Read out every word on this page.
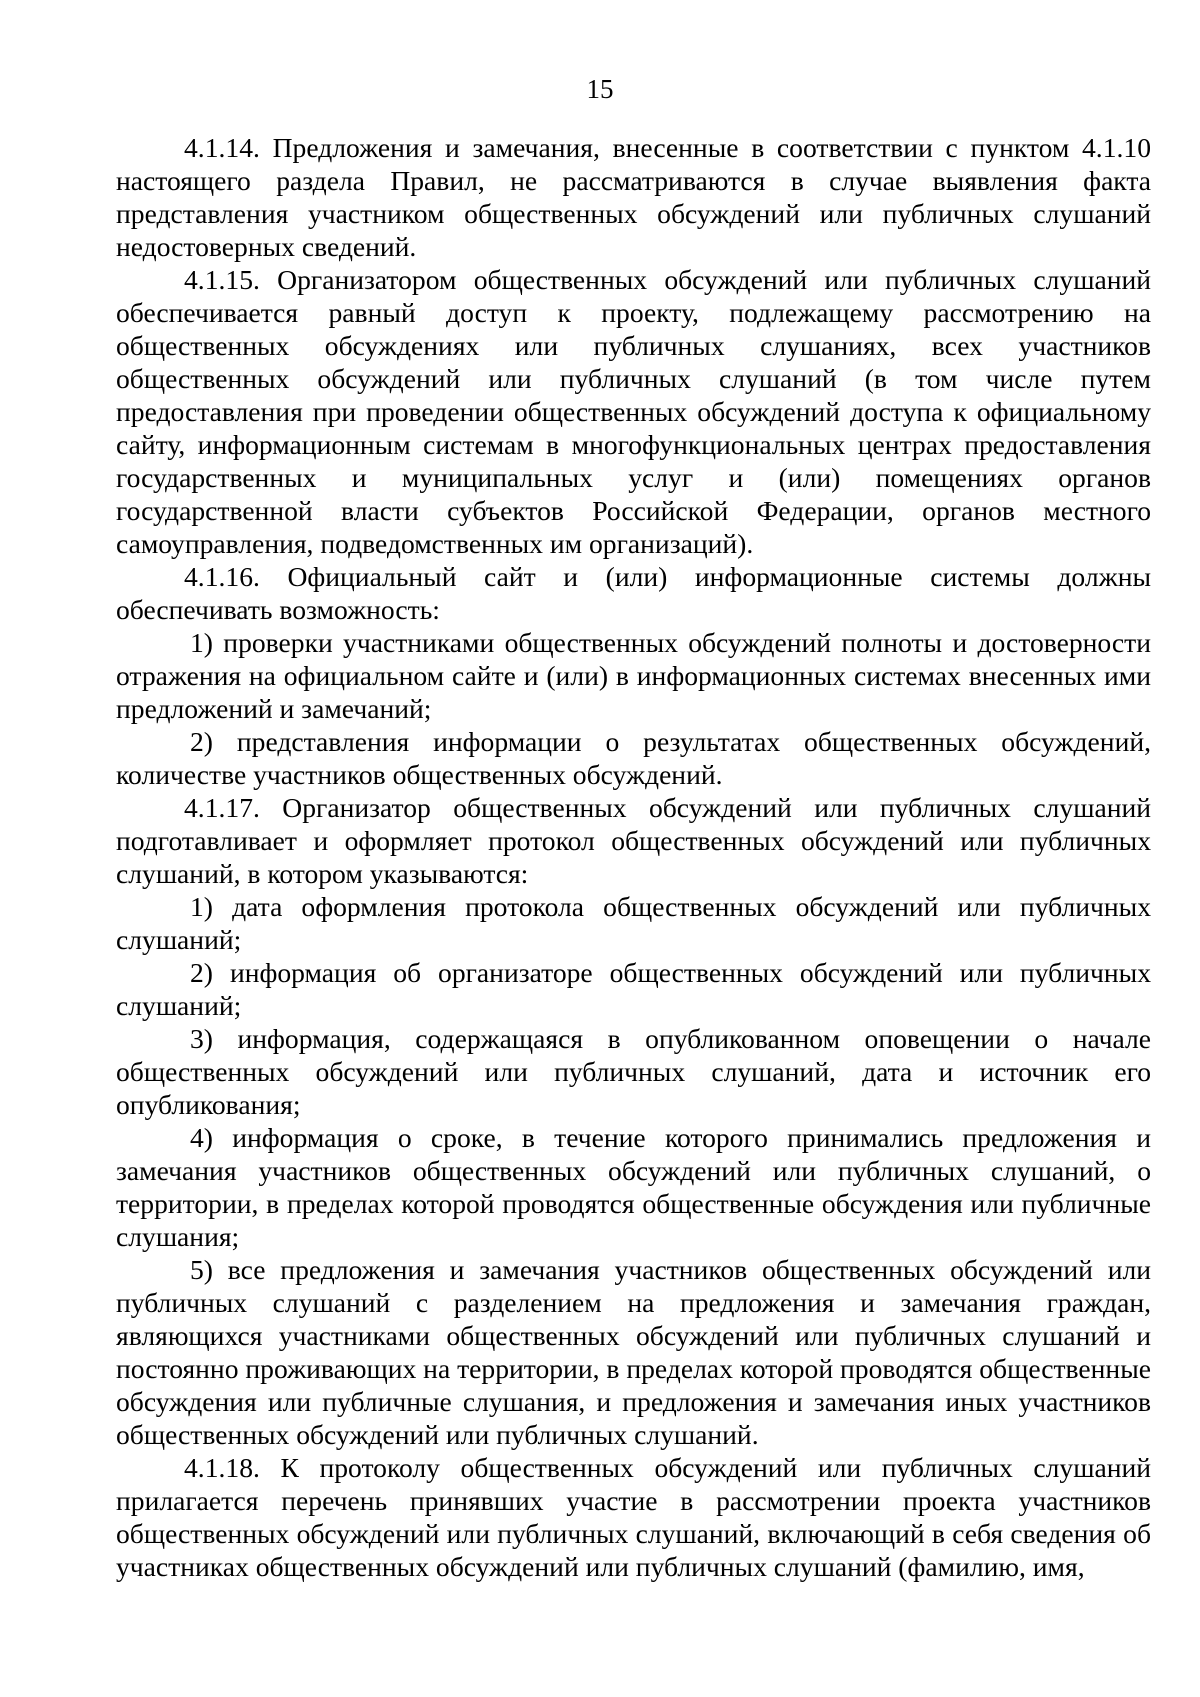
15

4.1.14. Предложения и замечания, внесенные в соответствии с пунктом 4.1.10 настоящего раздела Правил, не рассматриваются в случае выявления факта представления участником общественных обсуждений или публичных слушаний недостоверных сведений.

4.1.15. Организатором общественных обсуждений или публичных слушаний обеспечивается равный доступ к проекту, подлежащему рассмотрению на общественных обсуждениях или публичных слушаниях, всех участников общественных обсуждений или публичных слушаний (в том числе путем предоставления при проведении общественных обсуждений доступа к официальному сайту, информационным системам в многофункциональных центрах предоставления государственных и муниципальных услуг и (или) помещениях органов государственной власти субъектов Российской Федерации, органов местного самоуправления, подведомственных им организаций).

4.1.16. Официальный сайт и (или) информационные системы должны обеспечивать возможность:

1) проверки участниками общественных обсуждений полноты и достоверности отражения на официальном сайте и (или) в информационных системах внесенных ими предложений и замечаний;

2) представления информации о результатах общественных обсуждений, количестве участников общественных обсуждений.

4.1.17. Организатор общественных обсуждений или публичных слушаний подготавливает и оформляет протокол общественных обсуждений или публичных слушаний, в котором указываются:

1) дата оформления протокола общественных обсуждений или публичных слушаний;

2) информация об организаторе общественных обсуждений или публичных слушаний;

3) информация, содержащаяся в опубликованном оповещении о начале общественных обсуждений или публичных слушаний, дата и источник его опубликования;

4) информация о сроке, в течение которого принимались предложения и замечания участников общественных обсуждений или публичных слушаний, о территории, в пределах которой проводятся общественные обсуждения или публичные слушания;

5) все предложения и замечания участников общественных обсуждений или публичных слушаний с разделением на предложения и замечания граждан, являющихся участниками общественных обсуждений или публичных слушаний и постоянно проживающих на территории, в пределах которой проводятся общественные обсуждения или публичные слушания, и предложения и замечания иных участников общественных обсуждений или публичных слушаний.

4.1.18. К протоколу общественных обсуждений или публичных слушаний прилагается перечень принявших участие в рассмотрении проекта участников общественных обсуждений или публичных слушаний, включающий в себя сведения об участниках общественных обсуждений или публичных слушаний (фамилию, имя,
